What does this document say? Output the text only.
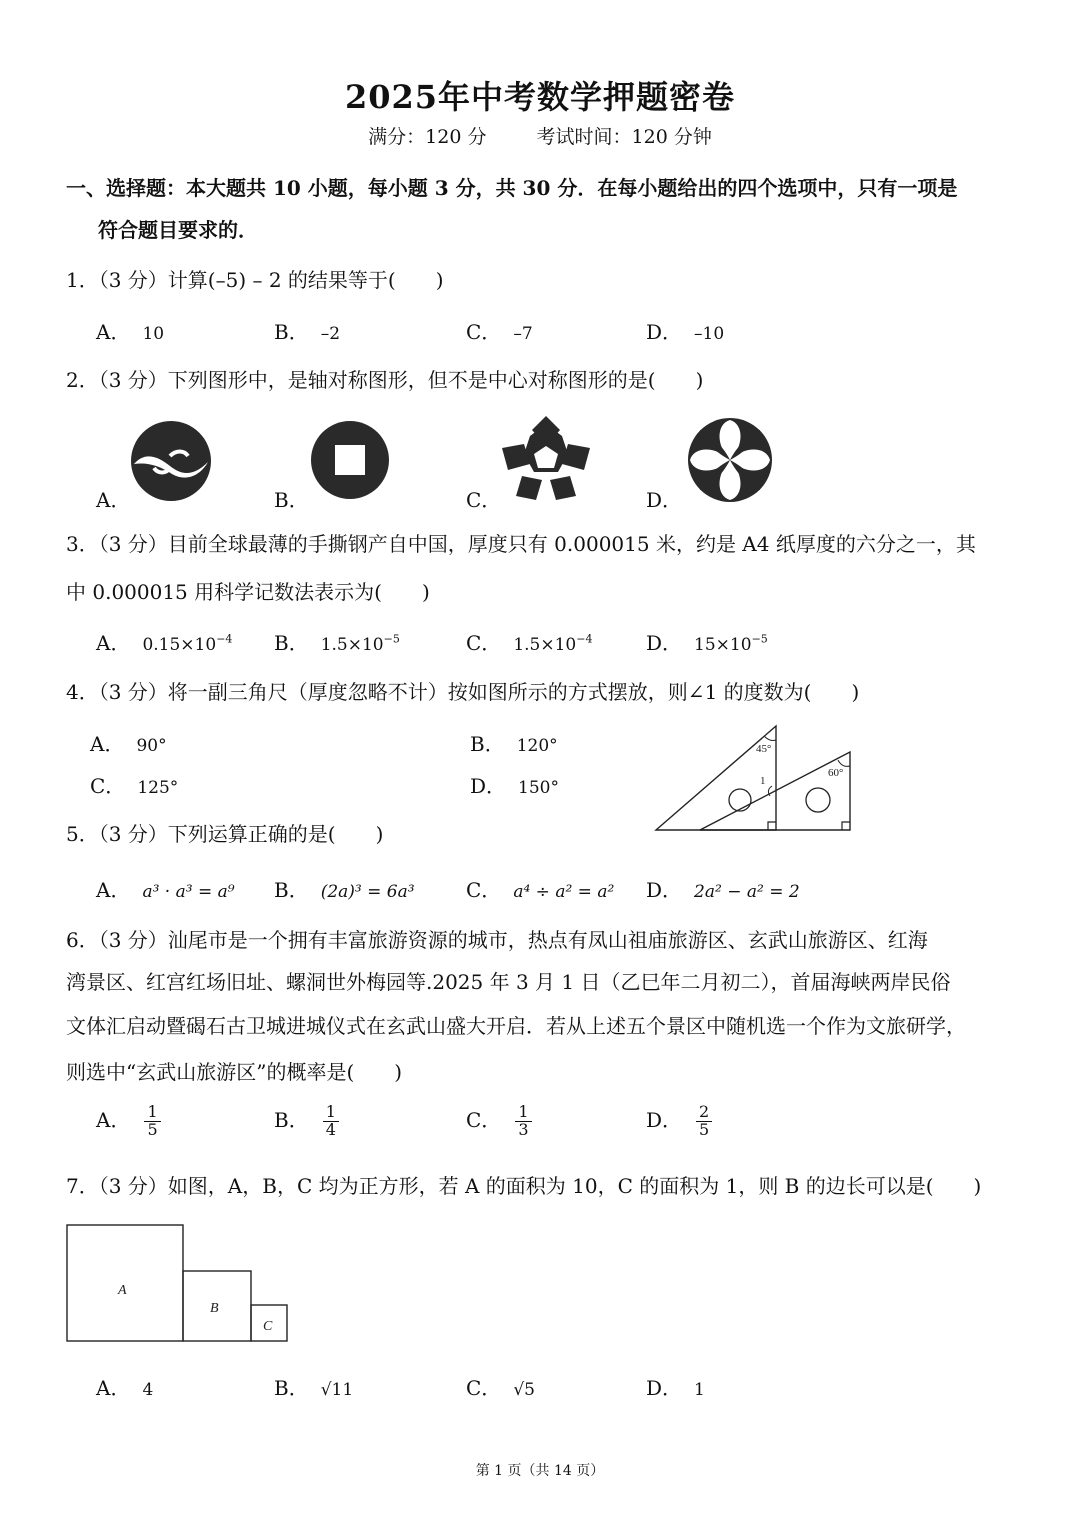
2025年中考数学押题密卷
满分：120 分	考试时间：120 分钟
一、选择题：本大题共 10 小题，每小题 3 分，共 30 分．在每小题给出的四个选项中，只有一项是
符合题目要求的．
1．（3 分）计算(–5) – 2 的结果等于(　　)
A． 10	B． –2	C． –7	D． –10
2．（3 分）下列图形中，是轴对称图形，但不是中心对称图形的是(　　)
A．	B．	C．	D．
3．（3 分）目前全球最薄的手撕钢产自中国，厚度只有 0.000015 米，约是 A4 纸厚度的六分之一，其
中 0.000015 用科学记数法表示为(　　)
A． $0.15\times 10^{-4}$ B． $1.5\times 10^{-5}$	C． $1.5\times 10^{-4}$	D． $15\times 10^{-5}$
4．（3 分）将一副三角尺（厚度忽略不计）按如图所示的方式摆放，则∠1 的度数为(　　)
A． 90°	B． 120°
C． 125°	D． 150°
45°
60°
1
5．（3 分）下列运算正确的是(　　)
A． a³ · a³ = a⁹ B． (2a)³ = 6a³	C． a⁴ ÷ a² = a² D． 2a² − a² = 2
6．（3 分）汕尾市是一个拥有丰富旅游资源的城市，热点有凤山祖庙旅游区、玄武山旅游区、红海
湾景区、红宫红场旧址、螺洞世外梅园等.2025 年 3 月 1 日（乙巳年二月初二），首届海峡两岸民俗
文体汇启动暨碣石古卫城进城仪式在玄武山盛大开启．若从上述五个景区中随机选一个作为文旅研学，
则选中“玄武山旅游区”的概率是(　　)
A． $\frac{1}{5}$	B． $\frac{1}{4}$	C． $\frac{1}{3}$	D． $\frac{2}{5}$
7．（3 分）如图，A，B，C 均为正方形，若 A 的面积为 10，C 的面积为 1，则 B 的边长可以是(　　)
A
B
C
A． 4	B． √11	C． √5	D． 1
第 1 页（共 14 页）
